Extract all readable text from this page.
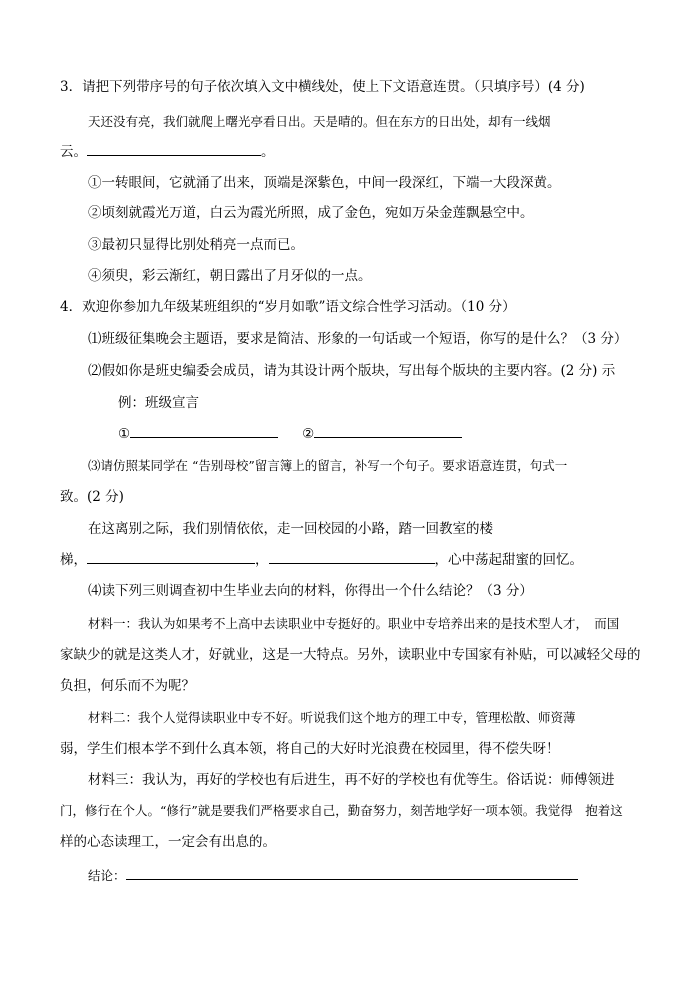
3．请把下列带序号的句子依次填入文中横线处，使上下文语意连贯。（只填序号）(4 分)
天还没有亮，我们就爬上曙光亭看日出。天是晴的。但在东方的日出处，却有一线烟
云。	。
①一转眼间，它就涌了出来，顶端是深紫色，中间一段深红，下端一大段深黄。
②顷刻就霞光万道，白云为霞光所照，成了金色，宛如万朵金莲飘悬空中。
③最初只显得比别处稍亮一点而已。
④须臾，彩云渐红，朝日露出了月牙似的一点。
4．欢迎你参加九年级某班组织的“岁月如歌”语文综合性学习活动。（10 分）
⑴班级征集晚会主题语，要求是简洁、形象的一句话或一个短语，你写的是什么？（3 分）
⑵假如你是班史编委会成员，请为其设计两个版块，写出每个版块的主要内容。(2 分) 示
例：班级宣言
①	②
⑶请仿照某同学在 “告别母校”留言簿上的留言，补写一个句子。要求语意连贯，句式一
致。(2 分)
在这离别之际，我们别情依依，走一回校园的小路，踏一回教室的楼
梯，	，	，心中荡起甜蜜的回忆。
⑷读下列三则调查初中生毕业去向的材料，你得出一个什么结论？（3 分）
材料一：我认为如果考不上高中去读职业中专挺好的。职业中专培养出来的是技术型人才，　而国
家缺少的就是这类人才，好就业，这是一大特点。另外，读职业中专国家有补贴，可以减轻父母的
负担，何乐而不为呢？
材料二：我个人觉得读职业中专不好。听说我们这个地方的理工中专，管理松散、师资薄
弱，学生们根本学不到什么真本领，将自己的大好时光浪费在校园里，得不偿失呀！
材料三：我认为，再好的学校也有后进生，再不好的学校也有优等生。俗话说：师傅领进
门，修行在个人。“修行”就是要我们严格要求自己，勤奋努力，刻苦地学好一项本领。我觉得　抱着这
样的心态读理工，一定会有出息的。
结论：
